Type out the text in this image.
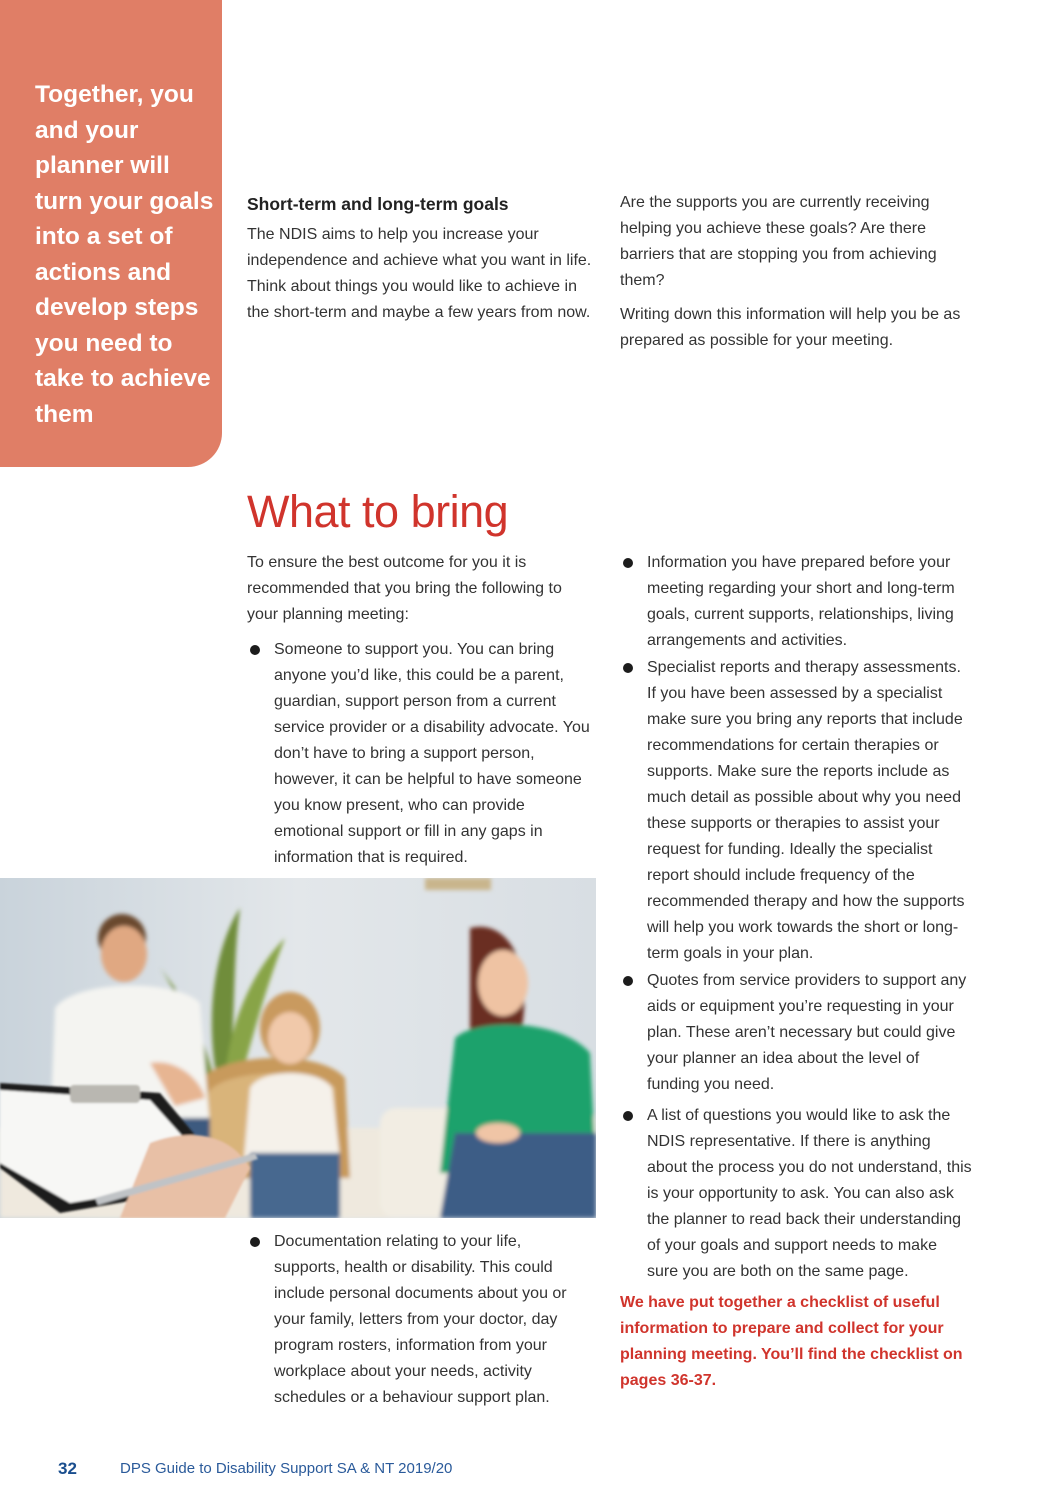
Together, you and your planner will turn your goals into a set of actions and develop steps you need to take to achieve them

Short-term and long-term goals

The NDIS aims to help you increase your independence and achieve what you want in life. Think about things you would like to achieve in the short-term and maybe a few years from now.

Are the supports you are currently receiving helping you achieve these goals? Are there barriers that are stopping you from achieving them?

Writing down this information will help you be as prepared as possible for your meeting.

What to bring

To ensure the best outcome for you it is recommended that you bring the following to your planning meeting:

Someone to support you. You can bring anyone you’d like, this could be a parent, guardian, support person from a current service provider or a disability advocate. You don’t have to bring a support person, however, it can be helpful to have someone you know present, who can provide emotional support or fill in any gaps in information that is required.
Documentation relating to your life, supports, health or disability. This could include personal documents about you or your family, letters from your doctor, day program rosters, information from your workplace about your needs, activity schedules or a behaviour support plan.
Information you have prepared before your meeting regarding your short and long-term goals, current supports, relationships, living arrangements and activities.
Specialist reports and therapy assessments. If you have been assessed by a specialist make sure you bring any reports that include recommendations for certain therapies or supports. Make sure the reports include as much detail as possible about why you need these supports or therapies to assist your request for funding. Ideally the specialist report should include frequency of the recommended therapy and how the supports will help you work towards the short or long-term goals in your plan.
Quotes from service providers to support any aids or equipment you’re requesting in your plan. These aren’t necessary but could give your planner an idea about the level of funding you need.
A list of questions you would like to ask the NDIS representative. If there is anything about the process you do not understand, this is your opportunity to ask. You can also ask the planner to read back their understanding of your goals and support needs to make sure you are both on the same page.

We have put together a checklist of useful information to prepare and collect for your planning meeting. You’ll find the checklist on pages 36-37.

32	DPS Guide to Disability Support SA & NT 2019/20
